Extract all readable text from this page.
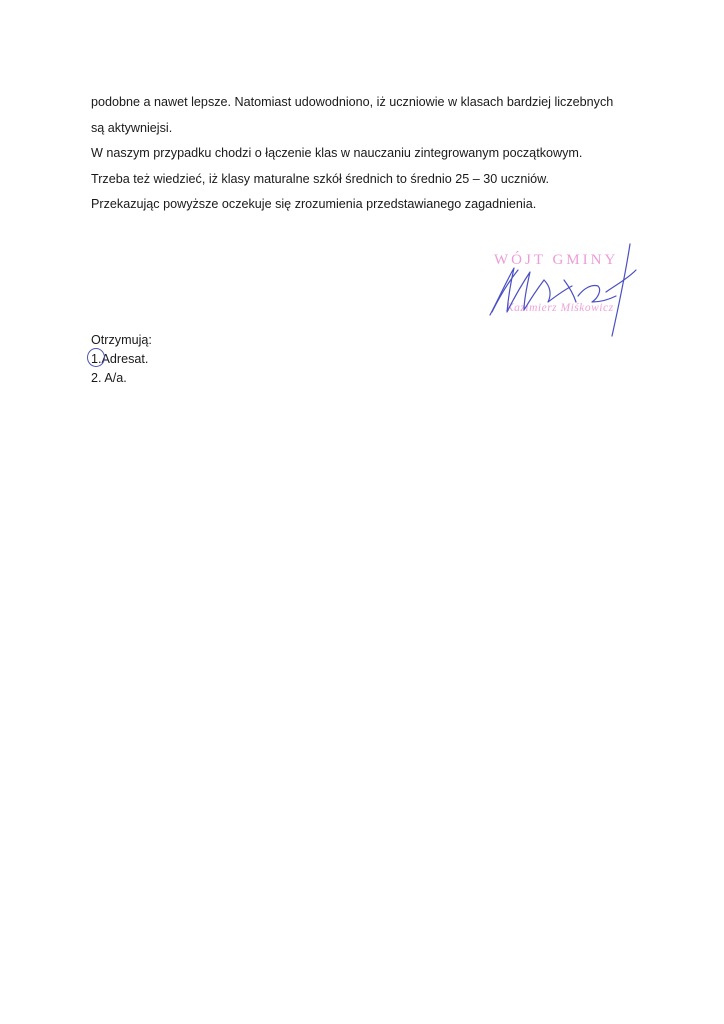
podobne a nawet lepsze. Natomiast udowodniono, iż uczniowie w klasach bardziej liczebnych

są aktywniejsi.

W naszym przypadku chodzi o łączenie klas w nauczaniu zintegrowanym początkowym.

Trzeba też wiedzieć, iż klasy maturalne szkół średnich to średnio 25 – 30 uczniów.

Przekazując powyższe oczekuje się zrozumienia przedstawianego zagadnienia.

WÓJT GMINY
Kazimierz Miśkowicz
Otrzymują:
1.Adresat.
2. A/a.
